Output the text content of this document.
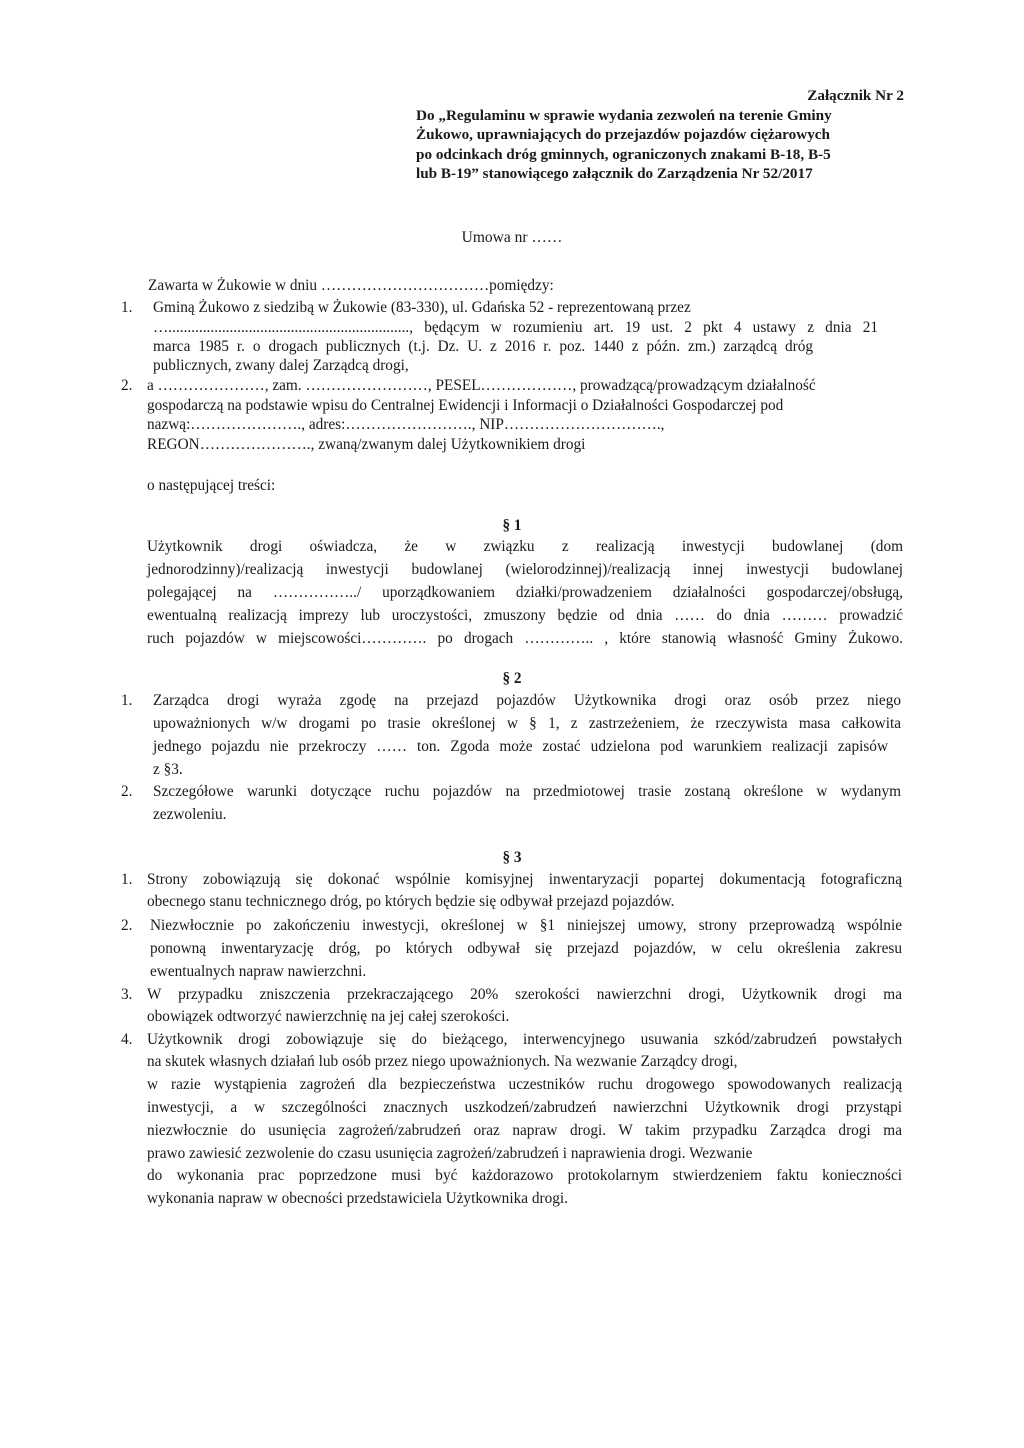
Załącznik Nr 2
Do „Regulaminu w sprawie wydania zezwoleń na terenie Gminy
Żukowo, uprawniających do przejazdów pojazdów ciężarowych
po odcinkach dróg gminnych, ograniczonych znakami B-18, B-5
lub B-19” stanowiącego załącznik do Zarządzenia Nr 52/2017
Umowa nr ……
Zawarta w Żukowie w dniu ……………………………pomiędzy:
1. Gminą Żukowo z siedzibą w Żukowie (83-330), ul. Gdańska 52 - reprezentowaną przez
…..............................................................., będącym w rozumieniu art. 19 ust. 2 pkt 4 ustawy z dnia 21
marca 1985 r. o drogach publicznych (t.j. Dz. U. z 2016 r. poz. 1440 z późn. zm.) zarządcą dróg
publicznych, zwany dalej Zarządcą drogi,
2. a …………………, zam. ……………………, PESEL………………, prowadzącą/prowadzącym działalność
gospodarczą na podstawie wpisu do Centralnej Ewidencji i Informacji o Działalności Gospodarczej pod
nazwą:…………………., adres:……………………., NIP………………………….,
REGON…………………., zwaną/zwanym dalej Użytkownikiem drogi
o następującej treści:
§ 1
Użytkownik drogi oświadcza, że w związku z realizacją inwestycji budowlanej (dom
jednorodzinny)/realizacją inwestycji budowlanej (wielorodzinnej)/realizacją innej inwestycji budowlanej
polegającej na ……………../ uporządkowaniem działki/prowadzeniem działalności gospodarczej/obsługą,
ewentualną realizacją imprezy lub uroczystości, zmuszony będzie od dnia …… do dnia ……… prowadzić
ruch pojazdów w miejscowości…………. po drogach ………….. , które stanowią własność Gminy Żukowo.
§ 2
1. Zarządca drogi wyraża zgodę na przejazd pojazdów Użytkownika drogi oraz osób przez niego
upoważnionych w/w drogami po trasie określonej w § 1, z zastrzeżeniem, że rzeczywista masa całkowita
jednego pojazdu nie przekroczy …… ton. Zgoda może zostać udzielona pod warunkiem realizacji zapisów
z §3.
2. Szczegółowe warunki dotyczące ruchu pojazdów na przedmiotowej trasie zostaną określone w wydanym
zezwoleniu.
§ 3
1. Strony zobowiązują się dokonać wspólnie komisyjnej inwentaryzacji popartej dokumentacją fotograficzną
obecnego stanu technicznego dróg, po których będzie się odbywał przejazd pojazdów.
2. Niezwłocznie po zakończeniu inwestycji, określonej w §1 niniejszej umowy, strony przeprowadzą wspólnie
ponowną inwentaryzację dróg, po których odbywał się przejazd pojazdów, w celu określenia zakresu
ewentualnych napraw nawierzchni.
3. W przypadku zniszczenia przekraczającego 20% szerokości nawierzchni drogi, Użytkownik drogi ma
obowiązek odtworzyć nawierzchnię na jej całej szerokości.
4. Użytkownik drogi zobowiązuje się do bieżącego, interwencyjnego usuwania szkód/zabrudzeń powstałych
na skutek własnych działań lub osób przez niego upoważnionych. Na wezwanie Zarządcy drogi,
w razie wystąpienia zagrożeń dla bezpieczeństwa uczestników ruchu drogowego spowodowanych realizacją
inwestycji, a w szczególności znacznych uszkodzeń/zabrudzeń nawierzchni Użytkownik drogi przystąpi
niezwłocznie do usunięcia zagrożeń/zabrudzeń oraz napraw drogi. W takim przypadku Zarządca drogi ma
prawo zawiesić zezwolenie do czasu usunięcia zagrożeń/zabrudzeń i naprawienia drogi. Wezwanie
do wykonania prac poprzedzone musi być każdorazowo protokolarnym stwierdzeniem faktu konieczności
wykonania napraw w obecności przedstawiciela Użytkownika drogi.
